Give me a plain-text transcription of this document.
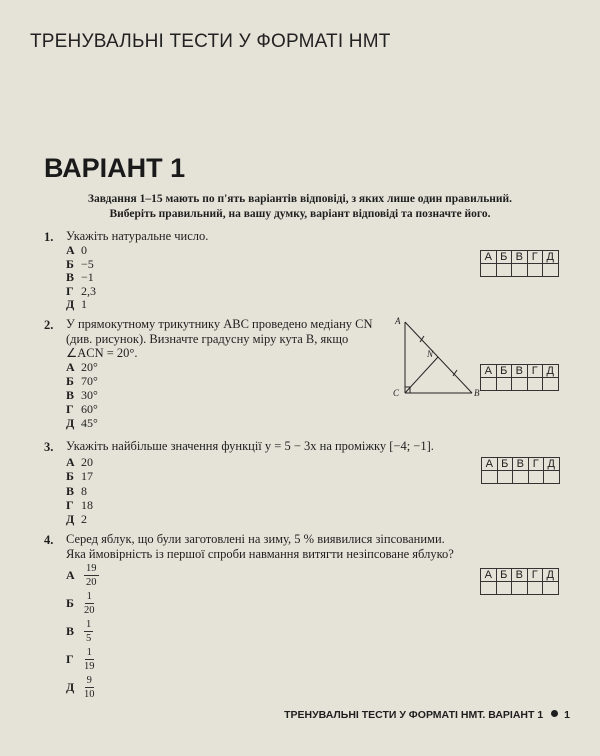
ТРЕНУВАЛЬНІ ТЕСТИ У ФОРМАТІ НМТ
ВАРІАНТ 1
Завдання 1–15 мають по п'ять варіантів відповіді, з яких лише один правильний.
Виберіть правильний, на вашу думку, варіант відповіді та позначте його.
1. Укажіть натуральне число.
А 0
Б −5
В −1
Г 2,3
Д 1
А	Б	В	Г	Д

2. У прямокутному трикутнику ABC проведено медіану CN
(див. рисунок). Визначте градусну міру кута B, якщо
∠ACN = 20°.
А 20°
Б 70°
В 30°
Г 60°
Д 45°
A
C	B
N
А	Б	В	Г	Д

3. Укажіть найбільше значення функції y = 5 − 3x на проміжку [−4; −1].
А 20
Б 17
В 8
Г 18
Д 2
А	Б	В	Г	Д

4. Серед яблук, що були заготовлені на зиму, 5 % виявилися зіпсованими.
Яка ймовірність із першої спроби навмання витягти незіпсоване яблуко?
А $\frac{19}{20}$
Б $\frac{1}{20}$
В $\frac{1}{5}$
Г $\frac{1}{19}$
Д $\frac{9}{10}$
А	Б	В	Г	Д

ТРЕНУВАЛЬНІ ТЕСТИ У ФОРМАТІ НМТ. ВАРІАНТ 1 1
